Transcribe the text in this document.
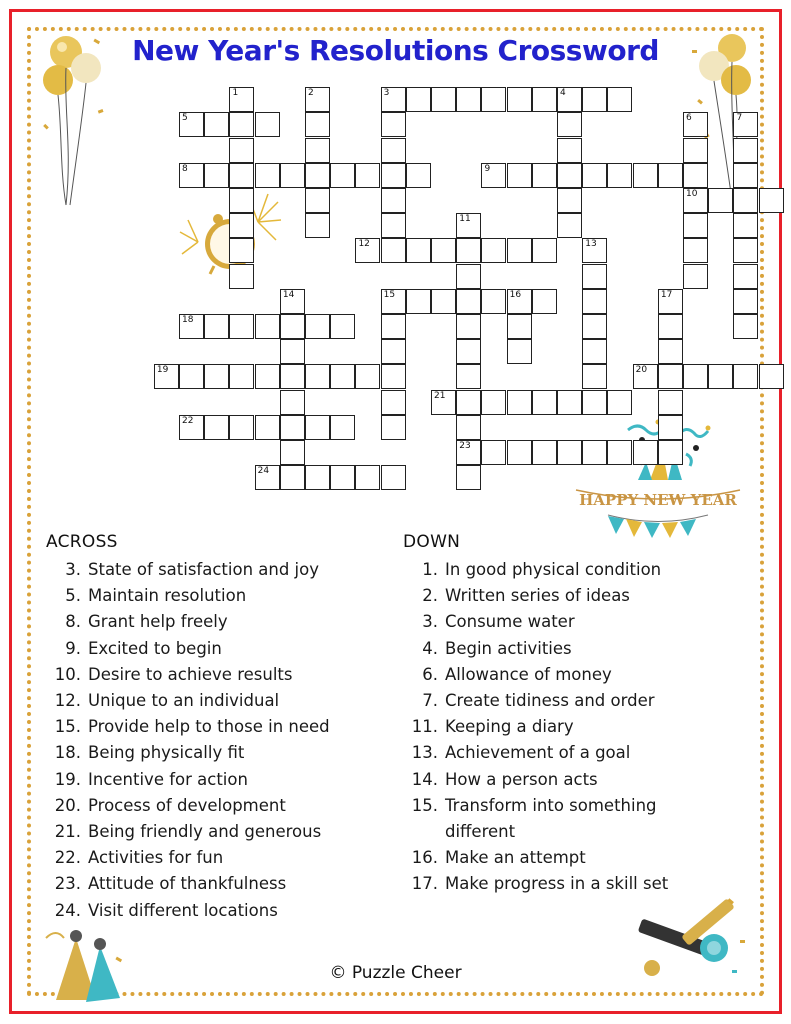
New Year's Resolutions Crossword
HAPPY NEW YEAR
3	4
5
8	9
10
12
15	16
18
19	20
21
22
23
24
1	2
6	7
11
13
14	17
ACROSS
3. State of satisfaction and joy
5. Maintain resolution
8. Grant help freely
9. Excited to begin
10. Desire to achieve results
12. Unique to an individual
15. Provide help to those in need
18. Being physically fit
19. Incentive for action
20. Process of development
21. Being friendly and generous
22. Activities for fun
23. Attitude of thankfulness
24. Visit different locations
DOWN
1. In good physical condition
2. Written series of ideas
3. Consume water
4. Begin activities
6. Allowance of money
7. Create tidiness and order
11. Keeping a diary
13. Achievement of a goal
14. How a person acts
15. Transform into something
different
16. Make an attempt
17. Make progress in a skill set
© Puzzle Cheer
